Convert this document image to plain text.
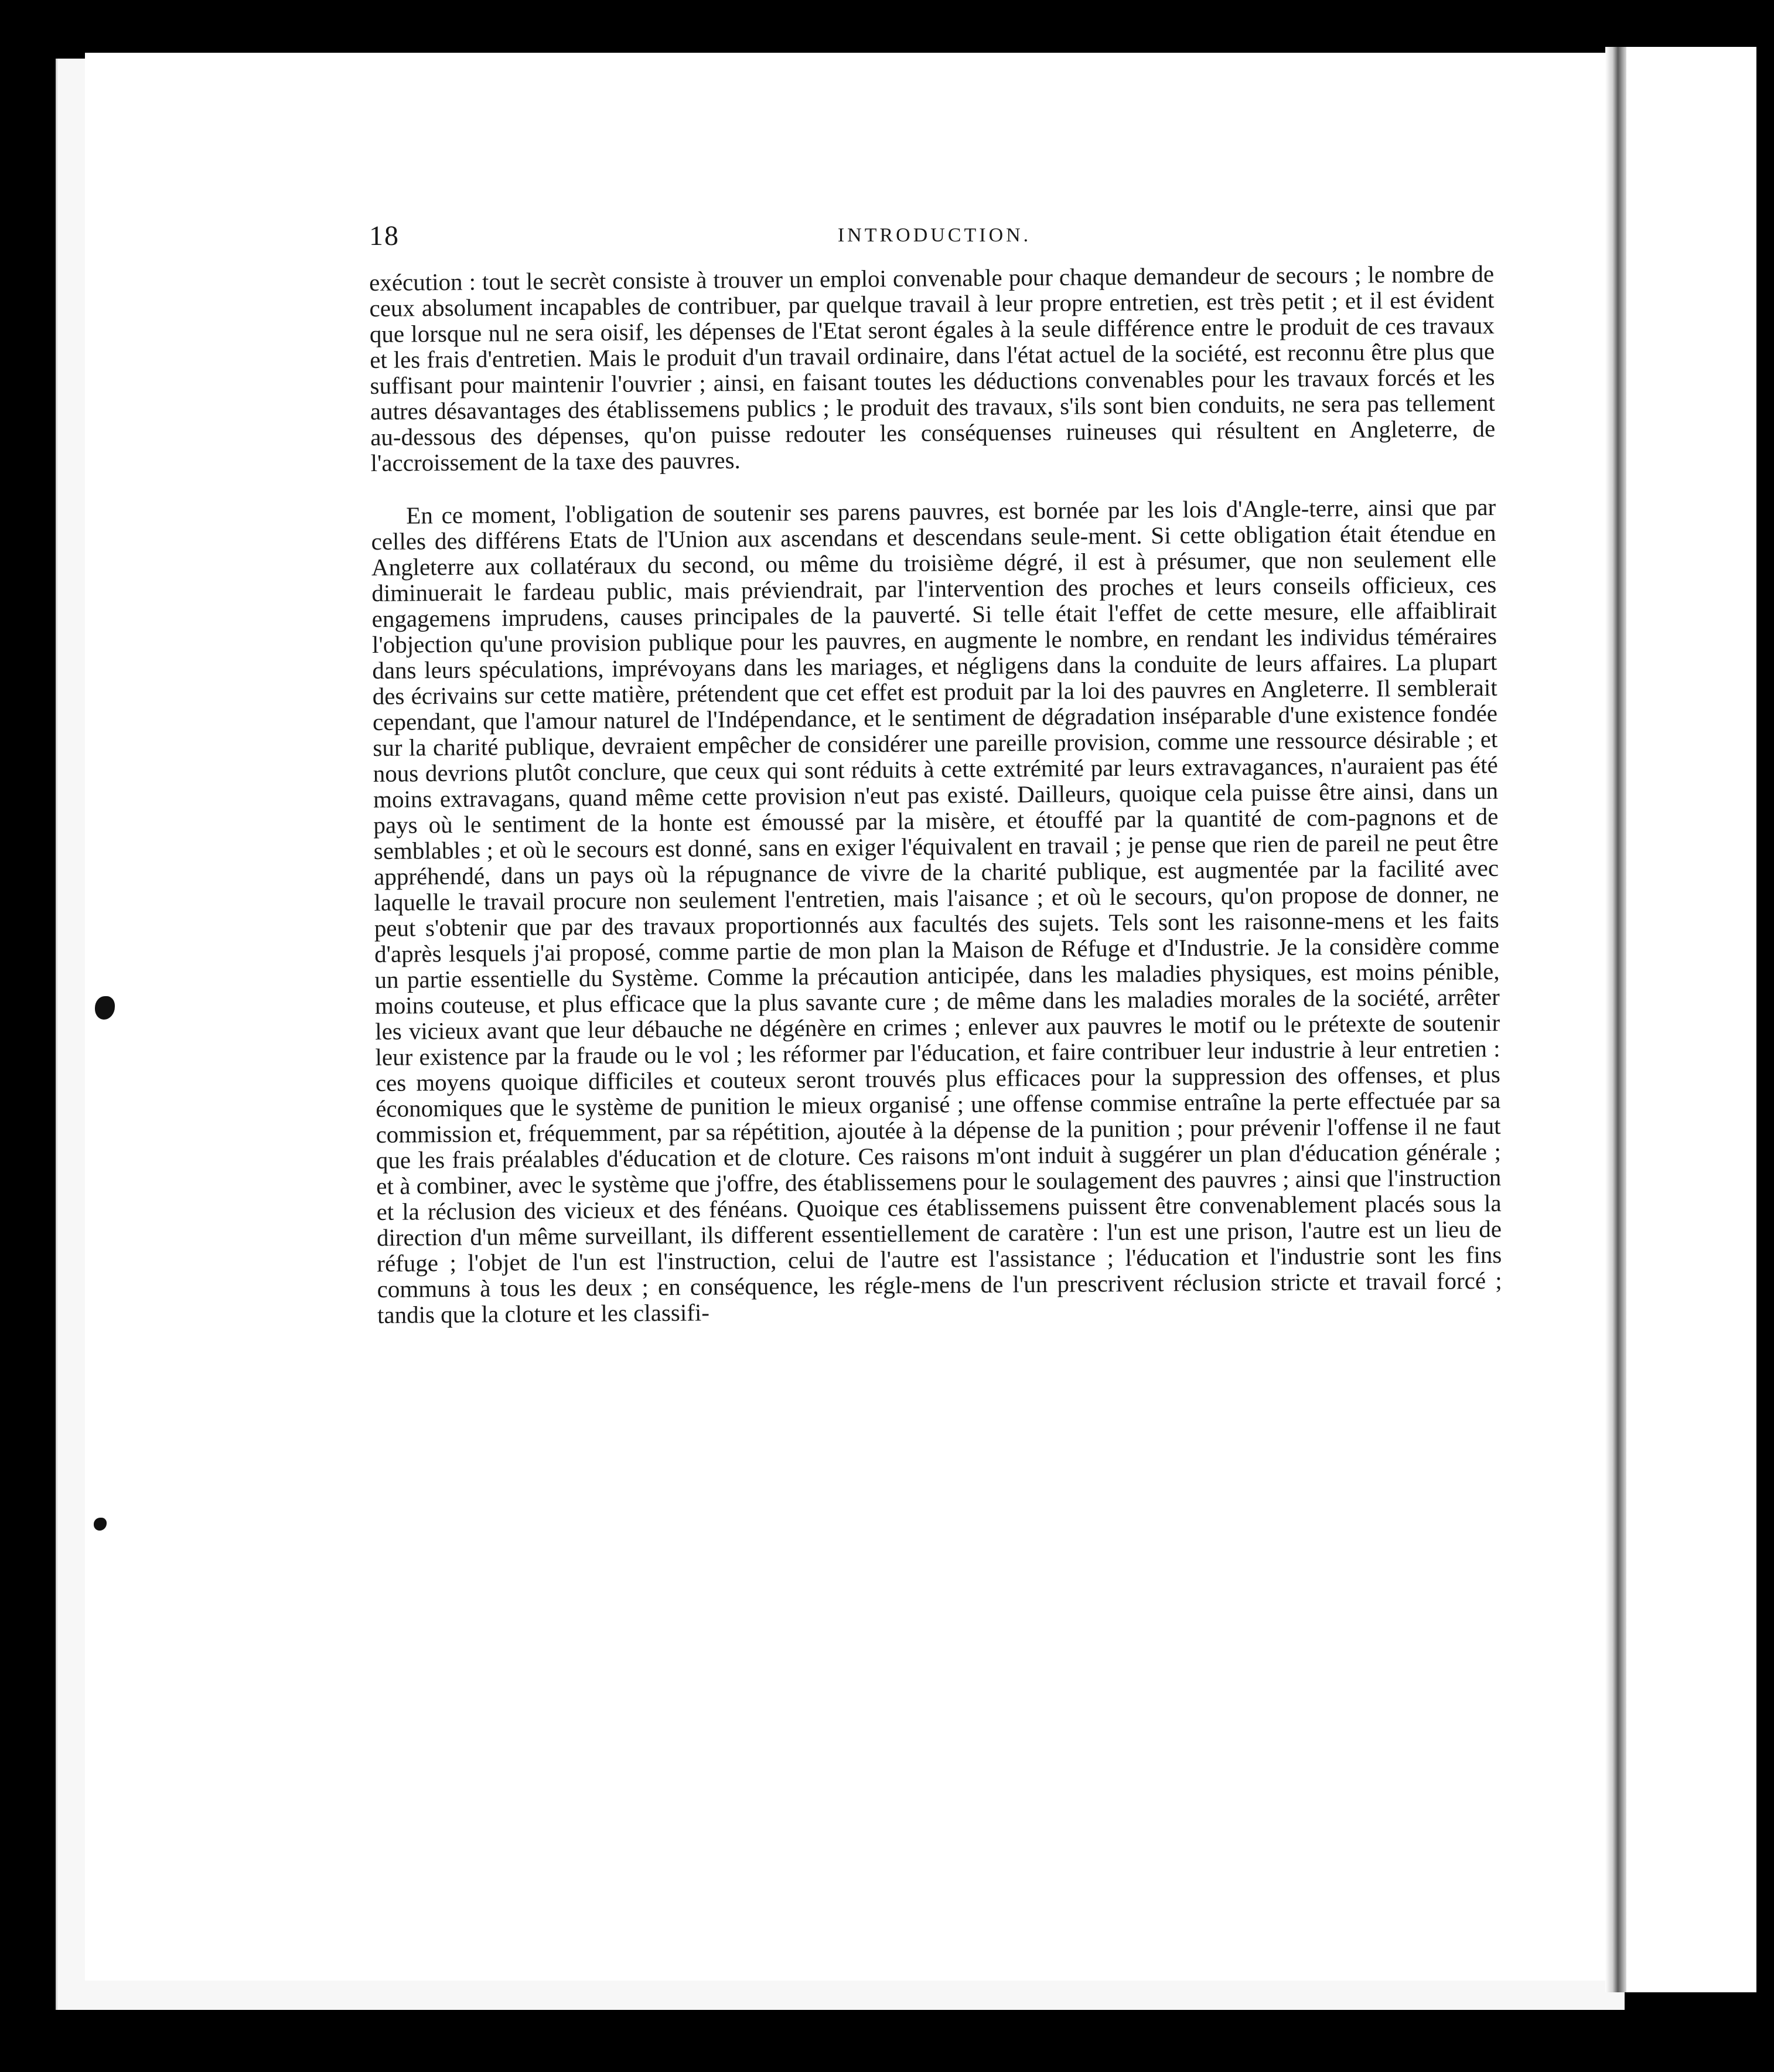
18	INTRODUCTION.

exécution : tout le secrèt consiste à trouver un emploi convenable pour chaque demandeur de secours ; le nombre de ceux absolument incapables de contribuer, par quelque travail à leur propre entretien, est très petit ; et il est évident que lorsque nul ne sera oisif, les dépenses de l'Etat seront égales à la seule différence entre le produit de ces travaux et les frais d'entretien. Mais le produit d'un travail ordinaire, dans l'état actuel de la société, est reconnu être plus que suffisant pour maintenir l'ouvrier ; ainsi, en faisant toutes les déductions convenables pour les travaux forcés et les autres désavantages des établissemens publics ; le produit des travaux, s'ils sont bien conduits, ne sera pas tellement au-dessous des dépenses, qu'on puisse redouter les conséquenses ruineuses qui résultent en Angleterre, de l'accroissement de la taxe des pauvres.

En ce moment, l'obligation de soutenir ses parens pauvres, est bornée par les lois d'Angle-terre, ainsi que par celles des différens Etats de l'Union aux ascendans et descendans seule-ment. Si cette obligation était étendue en Angleterre aux collatéraux du second, ou même du troisième dégré, il est à présumer, que non seulement elle diminuerait le fardeau public, mais préviendrait, par l'intervention des proches et leurs conseils officieux, ces engagemens imprudens, causes principales de la pauverté. Si telle était l'effet de cette mesure, elle affaiblirait l'objection qu'une provision publique pour les pauvres, en augmente le nombre, en rendant les individus téméraires dans leurs spéculations, imprévoyans dans les mariages, et négligens dans la conduite de leurs affaires. La plupart des écrivains sur cette matière, prétendent que cet effet est produit par la loi des pauvres en Angleterre. Il semblerait cependant, que l'amour naturel de l'Indépendance, et le sentiment de dégradation inséparable d'une existence fondée sur la charité publique, devraient empêcher de considérer une pareille provision, comme une ressource désirable ; et nous devrions plutôt conclure, que ceux qui sont réduits à cette extrémité par leurs extravagances, n'auraient pas été moins extravagans, quand même cette provision n'eut pas existé. Dailleurs, quoique cela puisse être ainsi, dans un pays où le sentiment de la honte est émoussé par la misère, et étouffé par la quantité de com-pagnons et de semblables ; et où le secours est donné, sans en exiger l'équivalent en travail ; je pense que rien de pareil ne peut être appréhendé, dans un pays où la répugnance de vivre de la charité publique, est augmentée par la facilité avec laquelle le travail procure non seulement l'entretien, mais l'aisance ; et où le secours, qu'on propose de donner, ne peut s'obtenir que par des travaux proportionnés aux facultés des sujets. Tels sont les raisonne-mens et les faits d'après lesquels j'ai proposé, comme partie de mon plan la Maison de Réfuge et d'Industrie. Je la considère comme un partie essentielle du Système. Comme la précaution anticipée, dans les maladies physiques, est moins pénible, moins couteuse, et plus efficace que la plus savante cure ; de même dans les maladies morales de la société, arrêter les vicieux avant que leur débauche ne dégénère en crimes ; enlever aux pauvres le motif ou le prétexte de soutenir leur existence par la fraude ou le vol ; les réformer par l'éducation, et faire contribuer leur industrie à leur entretien : ces moyens quoique difficiles et couteux seront trouvés plus efficaces pour la suppression des offenses, et plus économiques que le système de punition le mieux organisé ; une offense commise entraîne la perte effectuée par sa commission et, fréquemment, par sa répétition, ajoutée à la dépense de la punition ; pour prévenir l'offense il ne faut que les frais préalables d'éducation et de cloture. Ces raisons m'ont induit à suggérer un plan d'éducation générale ; et à combiner, avec le système que j'offre, des établissemens pour le soulagement des pauvres ; ainsi que l'instruction et la réclusion des vicieux et des fénéans. Quoique ces établissemens puissent être convenablement placés sous la direction d'un même surveillant, ils different essentiellement de caratère : l'un est une prison, l'autre est un lieu de réfuge ; l'objet de l'un est l'instruction, celui de l'autre est l'assistance ; l'éducation et l'industrie sont les fins communs à tous les deux ; en conséquence, les régle-mens de l'un prescrivent réclusion stricte et travail forcé ; tandis que la cloture et les classifi-
